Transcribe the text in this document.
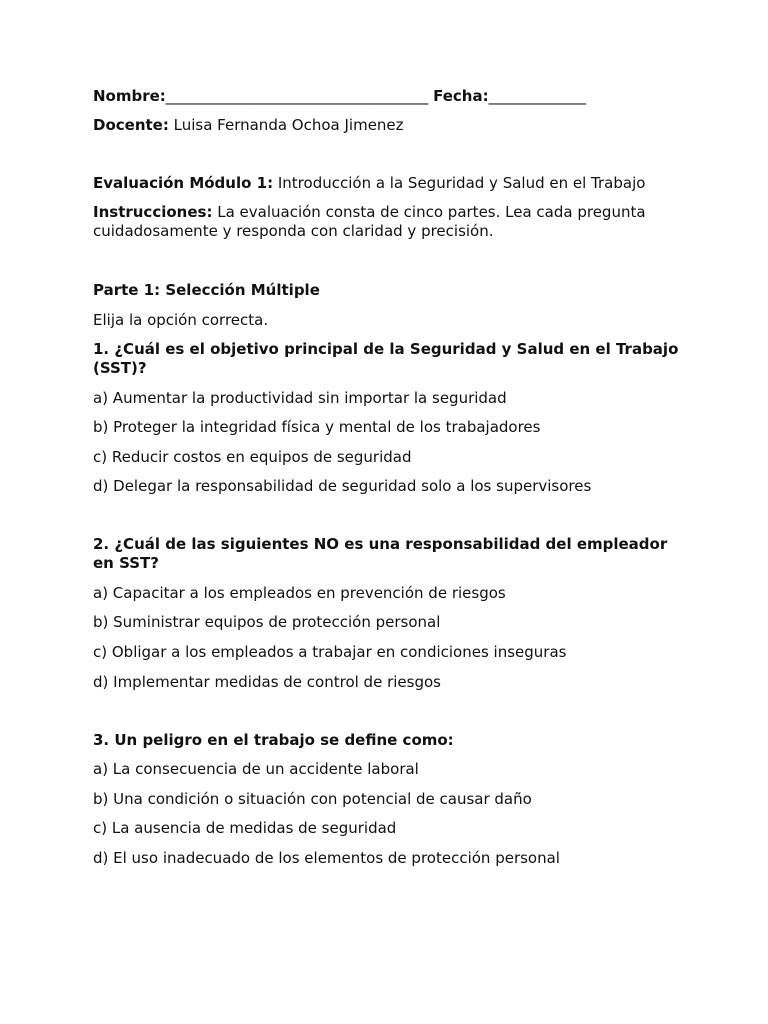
Nombre:___________________________________ Fecha:_____________
Docente: Luisa Fernanda Ochoa Jimenez
Evaluación Módulo 1: Introducción a la Seguridad y Salud en el Trabajo
Instrucciones: La evaluación consta de cinco partes. Lea cada pregunta cuidadosamente y responda con claridad y precisión.
Parte 1: Selección Múltiple
Elija la opción correcta.
1. ¿Cuál es el objetivo principal de la Seguridad y Salud en el Trabajo (SST)?
a) Aumentar la productividad sin importar la seguridad
b) Proteger la integridad física y mental de los trabajadores
c) Reducir costos en equipos de seguridad
d) Delegar la responsabilidad de seguridad solo a los supervisores
2. ¿Cuál de las siguientes NO es una responsabilidad del empleador en SST?
a) Capacitar a los empleados en prevención de riesgos
b) Suministrar equipos de protección personal
c) Obligar a los empleados a trabajar en condiciones inseguras
d) Implementar medidas de control de riesgos
3. Un peligro en el trabajo se define como:
a) La consecuencia de un accidente laboral
b) Una condición o situación con potencial de causar daño
c) La ausencia de medidas de seguridad
d) El uso inadecuado de los elementos de protección personal
